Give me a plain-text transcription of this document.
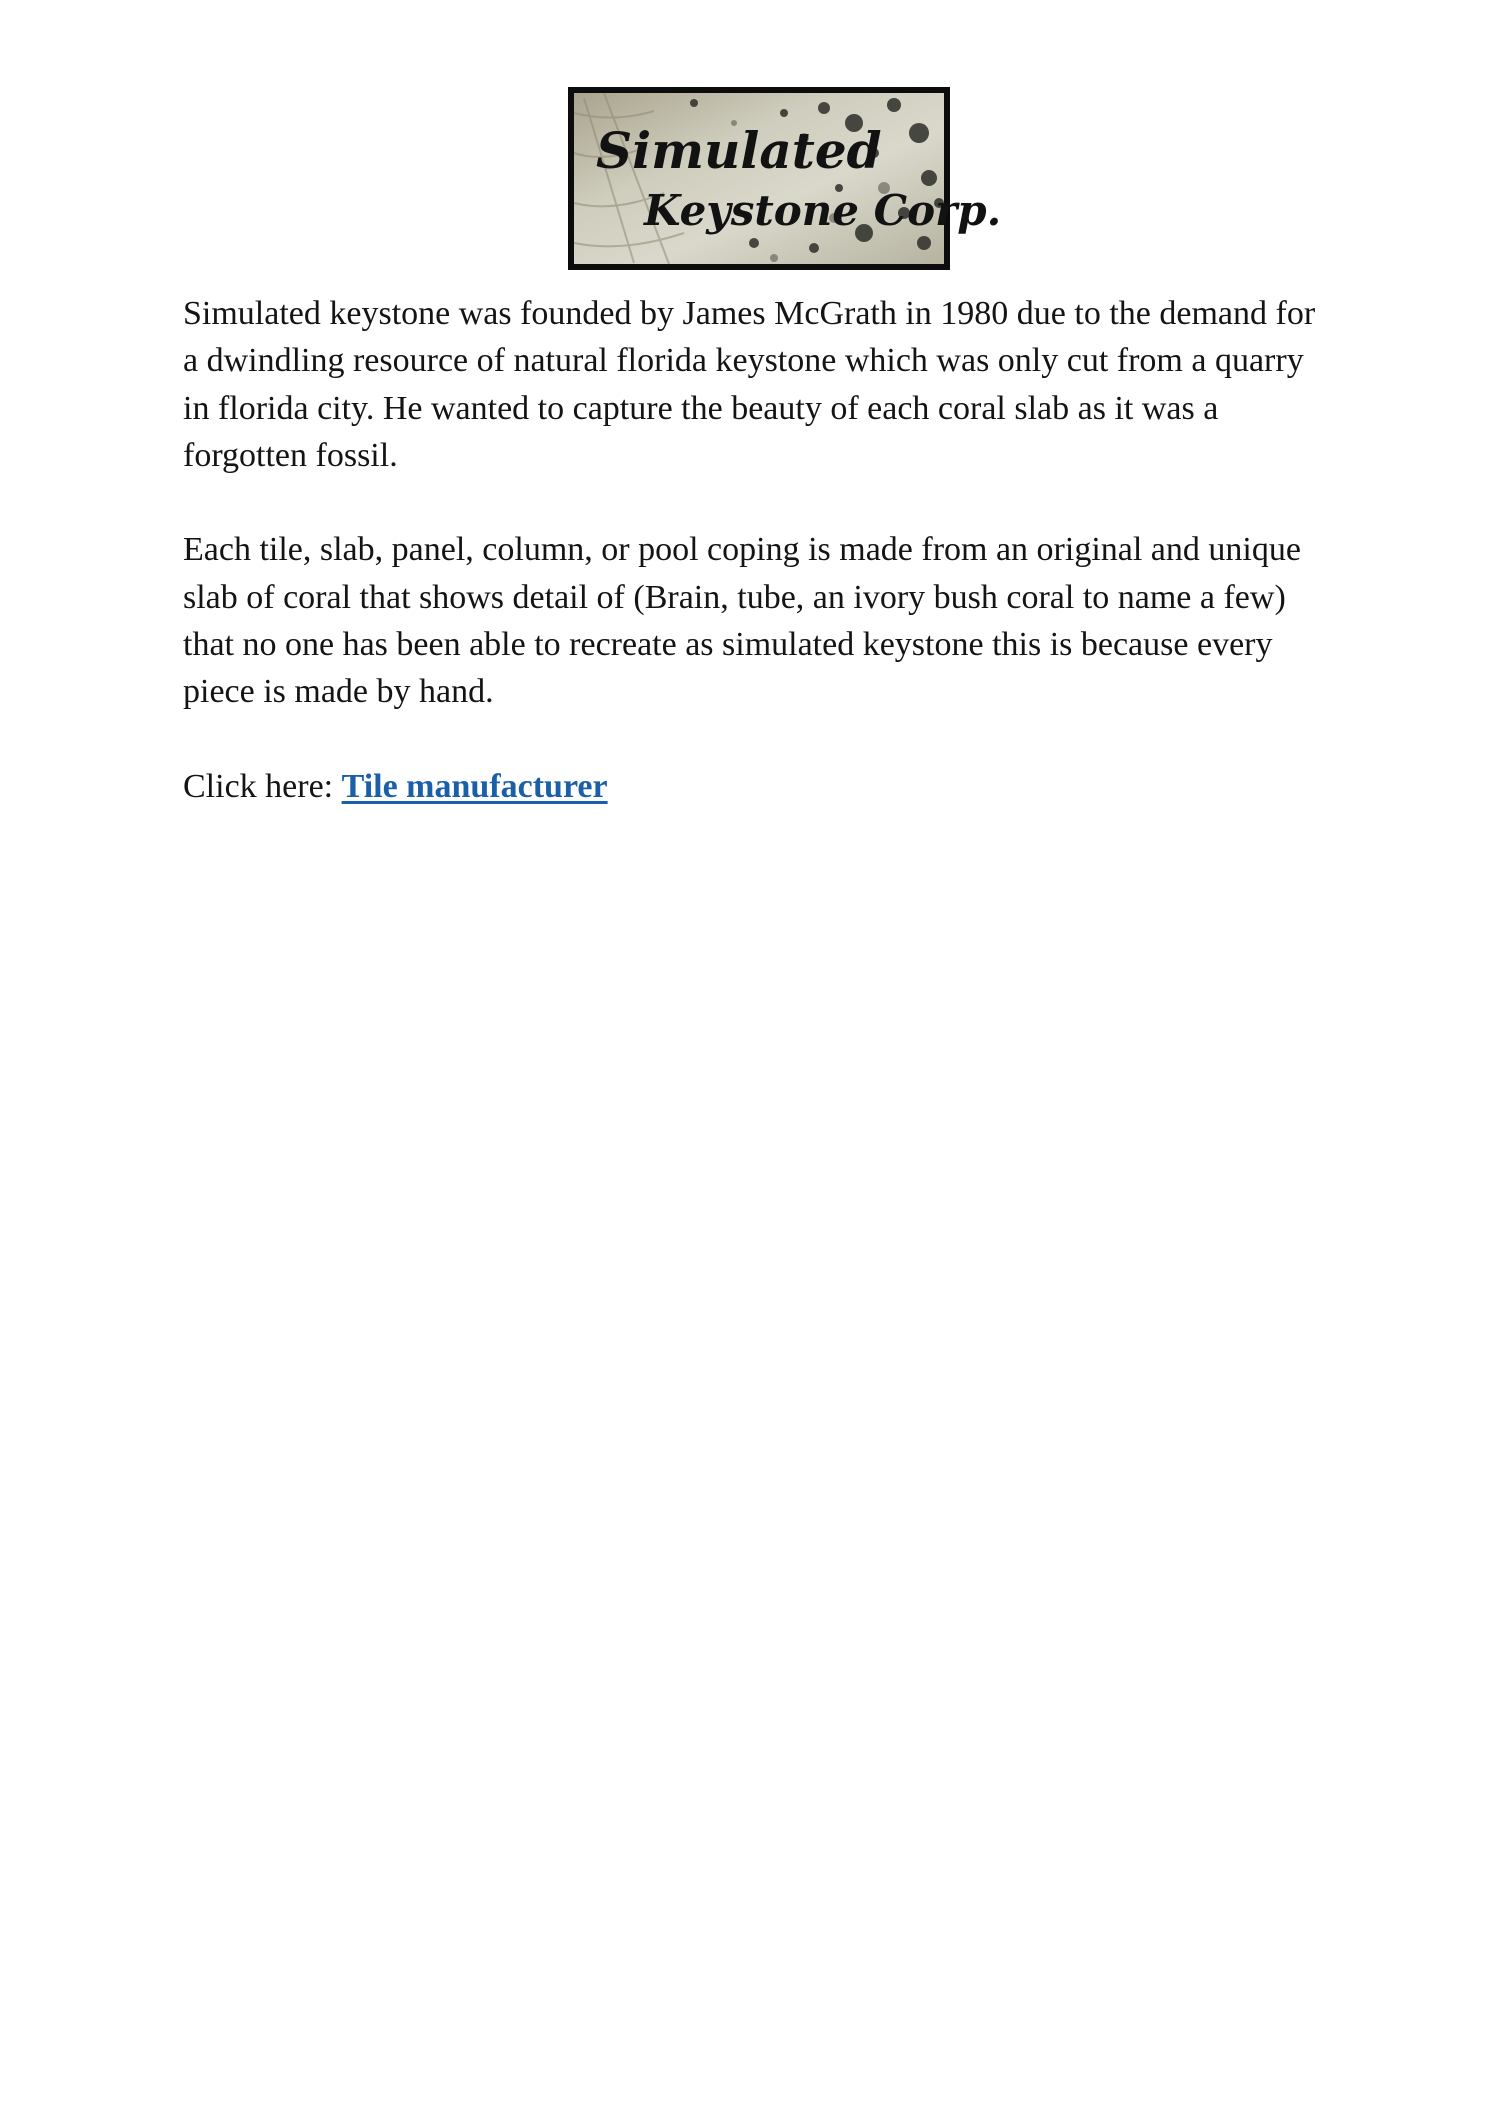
Simulated
Keystone Corp.

Simulated keystone was founded by James McGrath in 1980 due to the demand for a dwindling resource of natural florida keystone which was only cut from a quarry in florida city. He wanted to capture the beauty of each coral slab as it was a forgotten fossil.

Each tile, slab, panel, column, or pool coping is made from an original and unique slab of coral that shows detail of (Brain, tube, an ivory bush coral to name a few) that no one has been able to recreate as simulated keystone this is because every piece is made by hand.

Click here: Tile manufacturer
